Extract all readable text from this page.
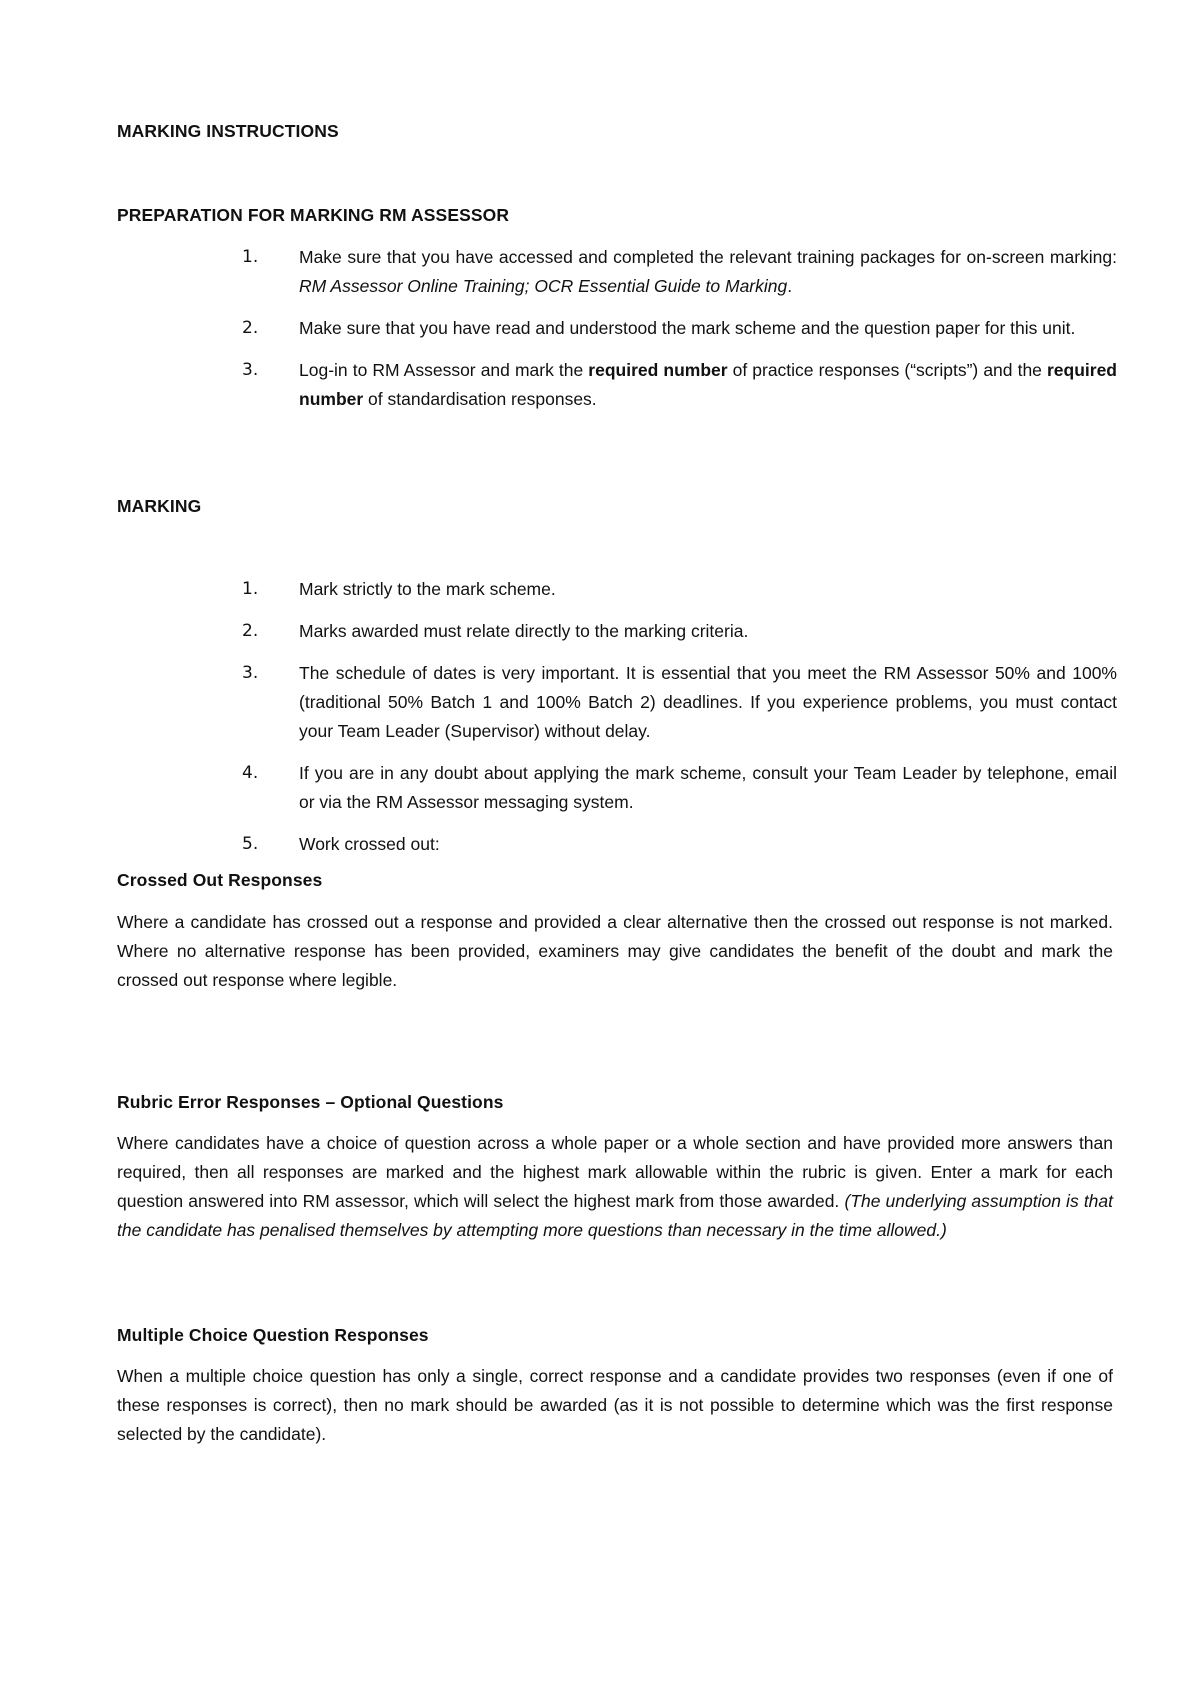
MARKING INSTRUCTIONS
PREPARATION FOR MARKING RM ASSESSOR
1. Make sure that you have accessed and completed the relevant training packages for on-screen marking: RM Assessor Online Training; OCR Essential Guide to Marking.
2. Make sure that you have read and understood the mark scheme and the question paper for this unit.
3. Log-in to RM Assessor and mark the required number of practice responses (“scripts”) and the required number of standardisation responses.
MARKING
1. Mark strictly to the mark scheme.
2. Marks awarded must relate directly to the marking criteria.
3. The schedule of dates is very important. It is essential that you meet the RM Assessor 50% and 100% (traditional 50% Batch 1 and 100% Batch 2) deadlines. If you experience problems, you must contact your Team Leader (Supervisor) without delay.
4. If you are in any doubt about applying the mark scheme, consult your Team Leader by telephone, email or via the RM Assessor messaging system.
5. Work crossed out:
Crossed Out Responses
Where a candidate has crossed out a response and provided a clear alternative then the crossed out response is not marked. Where no alternative response has been provided, examiners may give candidates the benefit of the doubt and mark the crossed out response where legible.
Rubric Error Responses – Optional Questions
Where candidates have a choice of question across a whole paper or a whole section and have provided more answers than required, then all responses are marked and the highest mark allowable within the rubric is given. Enter a mark for each question answered into RM assessor, which will select the highest mark from those awarded. (The underlying assumption is that the candidate has penalised themselves by attempting more questions than necessary in the time allowed.)
Multiple Choice Question Responses
When a multiple choice question has only a single, correct response and a candidate provides two responses (even if one of these responses is correct), then no mark should be awarded (as it is not possible to determine which was the first response selected by the candidate).
